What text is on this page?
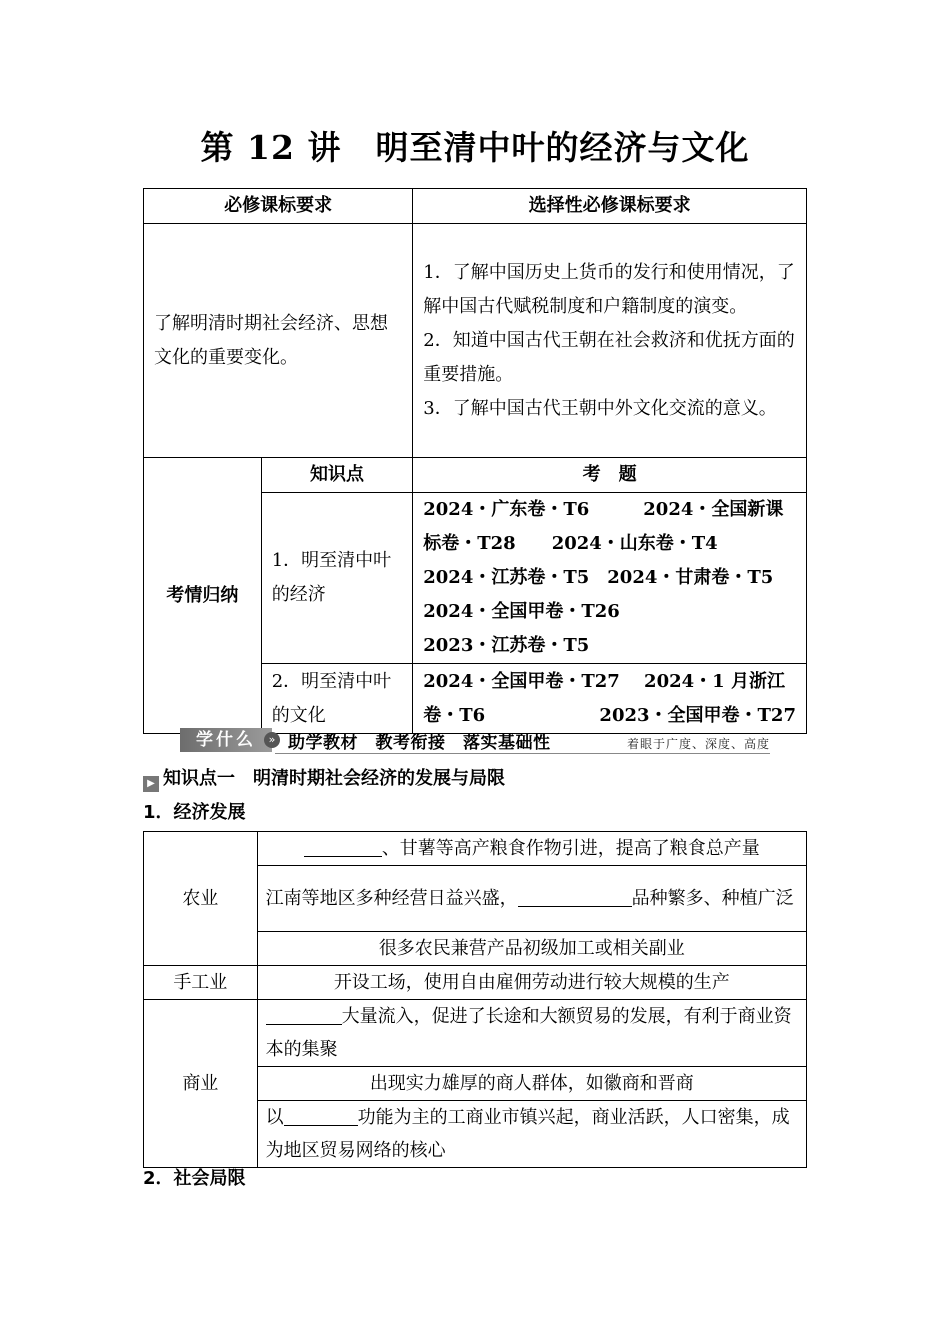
第 12 讲　明至清中叶的经济与文化
必修课标要求		选择性必修课标要求
了解明清时期社会经济、思想文化的重要变化。		1．了解中国历史上货币的发行和使用情况，了解中国古代赋税制度和户籍制度的演变。
2．知道中国古代王朝在社会救济和优抚方面的重要措施。
3．了解中国古代王朝中外文化交流的意义。

考情归纳	知识点	考　题
	1．明至清中叶的经济	2024・广东卷・T6　　　2024・全国新课
标卷・T28　　2024・山东卷・T4
2024・江苏卷・T5　2024・甘肃卷・T5
2024・全国甲卷・T26
2023・江苏卷・T5

	2．明至清中叶的文化	2024・全国甲卷・T27　 2024・1 月浙江
卷・T6　　　　　　 2023・全国甲卷・T27
学什么	» 助学教材　教考衔接　落实基础性	着眼于广度、深度、高度
▶ 知识点一　明清时期社会经济的发展与局限
1．经济发展
农业	、甘薯等高产粮食作物引进，提高了粮食总产量
	江南等地区多种经营日益兴盛， 品种繁多、种植广泛
	很多农民兼营产品初级加工或相关副业
手工业	开设工场，使用自由雇佣劳动进行较大规模的生产
商业	大量流入，促进了长途和大额贸易的发展，有利于商业资本的集聚
	出现实力雄厚的商人群体，如徽商和晋商
	以 功能为主的工商业市镇兴起，商业活跃，人口密集，成为地区贸易网络的核心
2．社会局限
